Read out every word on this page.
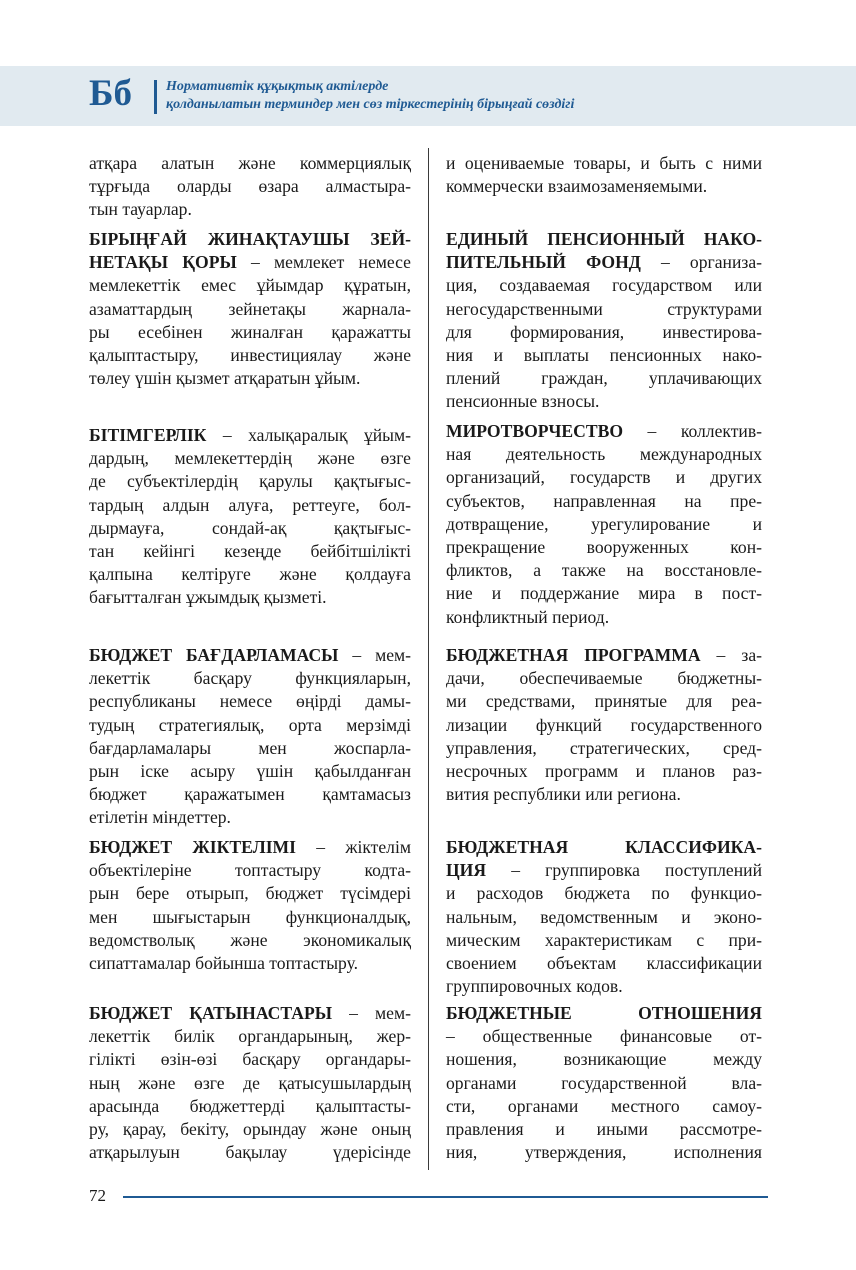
Бб Нормативтік құқықтық актілерде
қолданылатын терминдер мен сөз тіркестерінің бірыңғай сөздігі
атқара алатын және коммерциялық
тұрғыда оларды өзара алмастыра-
тын тауарлар.
БІРЫҢҒАЙ ЖИНАҚТАУШЫ ЗЕЙ-
НЕТАҚЫ ҚОРЫ – мемлекет немесе
мемлекеттік емес ұйымдар құратын,
азаматтардың зейнетақы жарнала-
ры есебінен жиналған қаражатты
қалыптастыру, инвестициялау және
төлеу үшін қызмет атқаратын ұйым.
БІТІМГЕРЛІК – халықаралық ұйым-
дардың, мемлекеттердің және өзге
де субъектілердің қарулы қақтығыс-
тардың алдын алуға, реттеуге, бол-
дырмауға, сондай-ақ қақтығыс-
тан кейінгі кезеңде бейбітшілікті
қалпына келтіруге және қолдауға
бағытталған ұжымдық қызметі.
БЮДЖЕТ БАҒДАРЛАМАСЫ – мем-
лекеттік басқару функцияларын,
республиканы немесе өңірді дамы-
тудың стратегиялық, орта мерзімді
бағдарламалары мен жоспарла-
рын іске асыру үшін қабылданған
бюджет қаражатымен қамтамасыз
етілетін міндеттер.
БЮДЖЕТ ЖІКТЕЛІМІ – жіктелім
объектілеріне топтастыру кодта-
рын бере отырып, бюджет түсімдері
мен шығыстарын функционалдық,
ведомстволық және экономикалық
сипаттамалар бойынша топтастыру.
БЮДЖЕТ ҚАТЫНАСТАРЫ – мем-
лекеттік билік органдарының, жер-
гілікті өзін-өзі басқару органдары-
ның және өзге де қатысушылардың
арасында бюджеттерді қалыптасты-
ру, қарау, бекіту, орындау және оның
атқарылуын бақылау үдерісінде
и оцениваемые товары, и быть с ними
коммерчески взаимозаменяемыми.
ЕДИНЫЙ ПЕНСИОННЫЙ НАКО-
ПИТЕЛЬНЫЙ ФОНД – организа-
ция, создаваемая государством или
негосударственными структурами
для формирования, инвестирова-
ния и выплаты пенсионных нако-
плений граждан, уплачивающих
пенсионные взносы.
МИРОТВОРЧЕСТВО – коллектив-
ная деятельность международных
организаций, государств и других
субъектов, направленная на пре-
дотвращение, урегулирование и
прекращение вооруженных кон-
фликтов, а также на восстановле-
ние и поддержание мира в пост-
конфликтный период.
БЮДЖЕТНАЯ ПРОГРАММА – за-
дачи, обеспечиваемые бюджетны-
ми средствами, принятые для реа-
лизации функций государственного
управления, стратегических, сред-
несрочных программ и планов раз-
вития республики или региона.
БЮДЖЕТНАЯ КЛАССИФИКА-
ЦИЯ – группировка поступлений
и расходов бюджета по функцио-
нальным, ведомственным и эконо-
мическим характеристикам с при-
своением объектам классификации
группировочных кодов.
БЮДЖЕТНЫЕ ОТНОШЕНИЯ
– общественные финансовые от-
ношения, возникающие между
органами государственной вла-
сти, органами местного самоу-
правления и иными рассмотре-
ния, утверждения, исполнения
72
